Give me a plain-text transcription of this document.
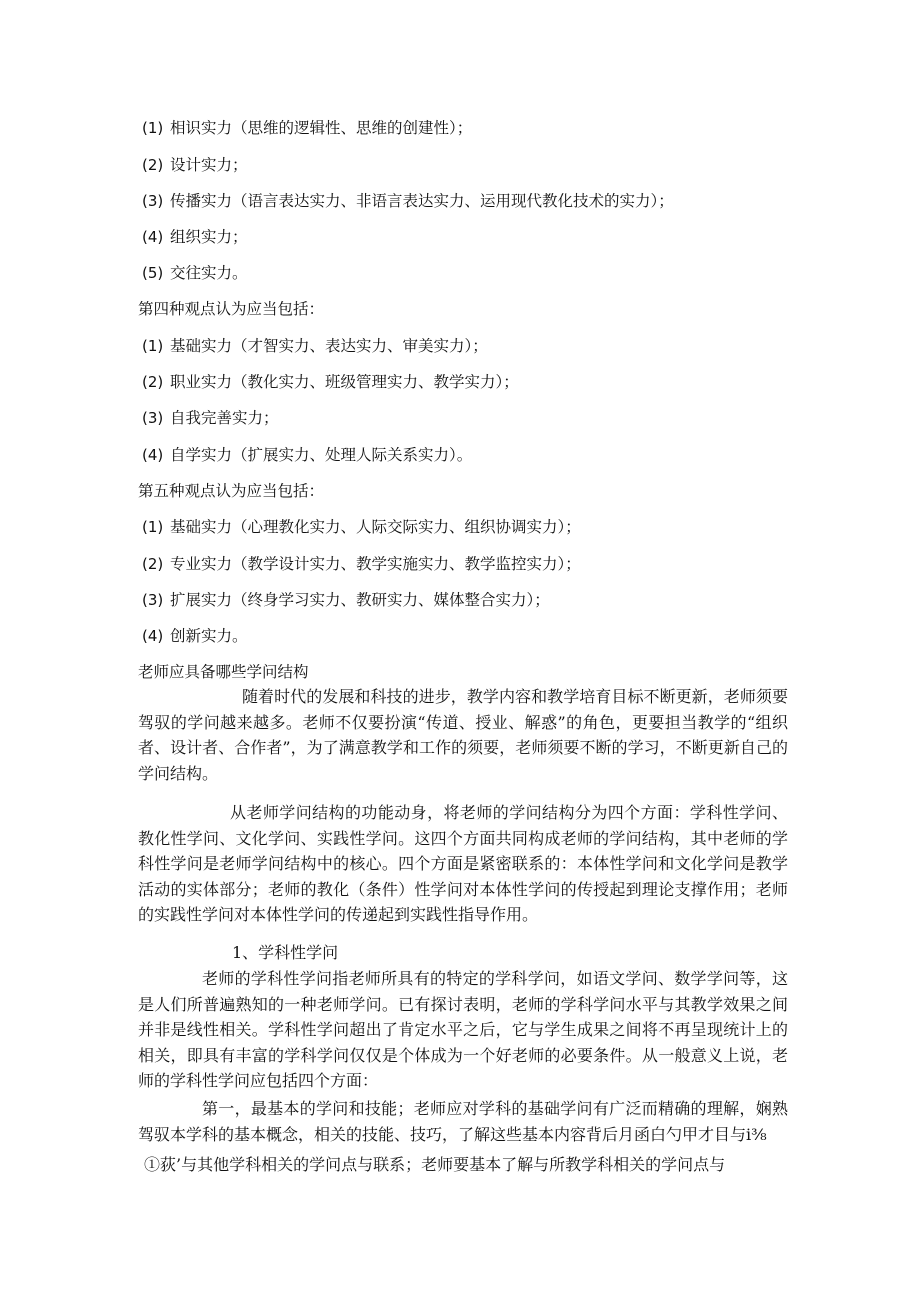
(1) 相识实力（思维的逻辑性、思维的创建性）；
(2) 设计实力；
(3) 传播实力（语言表达实力、非语言表达实力、运用现代教化技术的实力）；
(4) 组织实力；
(5) 交往实力。
第四种观点认为应当包括：
(1) 基础实力（才智实力、表达实力、审美实力）；
(2) 职业实力（教化实力、班级管理实力、教学实力）；
(3) 自我完善实力；
(4) 自学实力（扩展实力、处理人际关系实力）。
第五种观点认为应当包括：
(1) 基础实力（心理教化实力、人际交际实力、组织协调实力）；
(2) 专业实力（教学设计实力、教学实施实力、教学监控实力）；
(3) 扩展实力（终身学习实力、教研实力、媒体整合实力）；
(4) 创新实力。
老师应具备哪些学问结构
随着时代的发展和科技的进步，教学内容和教学培育目标不断更新，老师须要驾驭的学问越来越多。老师不仅要扮演“传道、授业、解惑”的角色，更要担当教学的“组织者、设计者、合作者”，为了满意教学和工作的须要，老师须要不断的学习，不断更新自己的学问结构。
从老师学问结构的功能动身，将老师的学问结构分为四个方面：学科性学问、教化性学问、文化学问、实践性学问。这四个方面共同构成老师的学问结构，其中老师的学科性学问是老师学问结构中的核心。四个方面是紧密联系的：本体性学问和文化学问是教学活动的实体部分；老师的教化（条件）性学问对本体性学问的传授起到理论支撑作用；老师的实践性学问对本体性学问的传递起到实践性指导作用。
1、学科性学问
老师的学科性学问指老师所具有的特定的学科学问，如语文学问、数学学问等，这是人们所普遍熟知的一种老师学问。已有探讨表明，老师的学科学问水平与其教学效果之间并非是线性相关。学科性学问超出了肯定水平之后，它与学生成果之间将不再呈现统计上的相关，即具有丰富的学科学问仅仅是个体成为一个好老师的必要条件。从一般意义上说，老师的学科性学问应包括四个方面：
第一，最基本的学问和技能；老师应对学科的基础学问有广泛而精确的理解，娴熟驾驭本学科的基本概念，相关的技能、技巧，了解这些基本内容背后月函白勺甲才目与i⅜
①荻’与其他学科相关的学问点与联系；老师要基本了解与所教学科相关的学问点与
